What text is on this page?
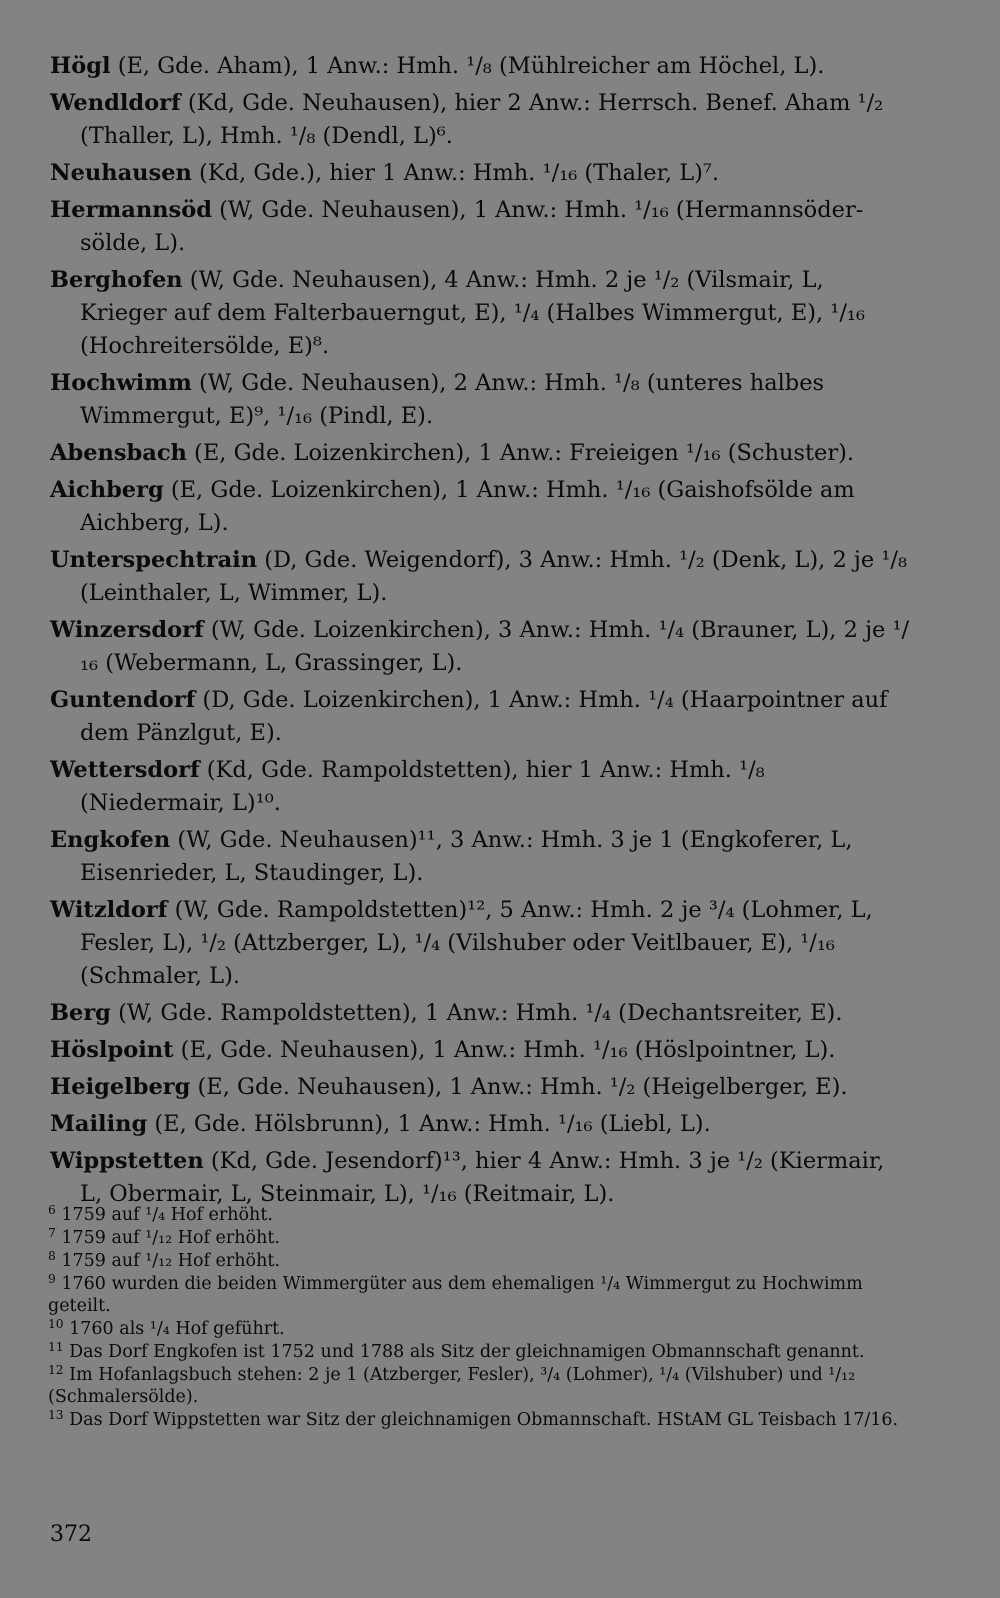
Högl (E, Gde. Aham), 1 Anw.: Hmh. ¹/₈ (Mühlreicher am Höchel, L).

Wendldorf (Kd, Gde. Neuhausen), hier 2 Anw.: Herrsch. Benef. Aham ¹/₂ (Thaller, L), Hmh. ¹/₈ (Dendl, L)⁶.

Neuhausen (Kd, Gde.), hier 1 Anw.: Hmh. ¹/₁₆ (Thaler, L)⁷.

Hermannsöd (W, Gde. Neuhausen), 1 Anw.: Hmh. ¹/₁₆ (Hermannsöder-sölde, L).

Berghofen (W, Gde. Neuhausen), 4 Anw.: Hmh. 2 je ¹/₂ (Vilsmair, L, Krieger auf dem Falterbauerngut, E), ¹/₄ (Halbes Wimmergut, E), ¹/₁₆ (Hochreitersölde, E)⁸.

Hochwimm (W, Gde. Neuhausen), 2 Anw.: Hmh. ¹/₈ (unteres halbes Wimmergut, E)⁹, ¹/₁₆ (Pindl, E).

Abensbach (E, Gde. Loizenkirchen), 1 Anw.: Freieigen ¹/₁₆ (Schuster).

Aichberg (E, Gde. Loizenkirchen), 1 Anw.: Hmh. ¹/₁₆ (Gaishofsölde am Aichberg, L).

Unterspechtrain (D, Gde. Weigendorf), 3 Anw.: Hmh. ¹/₂ (Denk, L), 2 je ¹/₈ (Leinthaler, L, Wimmer, L).

Winzersdorf (W, Gde. Loizenkirchen), 3 Anw.: Hmh. ¹/₄ (Brauner, L), 2 je ¹/₁₆ (Webermann, L, Grassinger, L).

Guntendorf (D, Gde. Loizenkirchen), 1 Anw.: Hmh. ¹/₄ (Haarpointner auf dem Pänzlgut, E).

Wettersdorf (Kd, Gde. Rampoldstetten), hier 1 Anw.: Hmh. ¹/₈ (Niedermair, L)¹⁰.

Engkofen (W, Gde. Neuhausen)¹¹, 3 Anw.: Hmh. 3 je 1 (Engkoferer, L, Eisenrieder, L, Staudinger, L).

Witzldorf (W, Gde. Rampoldstetten)¹², 5 Anw.: Hmh. 2 je ³/₄ (Lohmer, L, Fesler, L), ¹/₂ (Attzberger, L), ¹/₄ (Vilshuber oder Veitlbauer, E), ¹/₁₆ (Schmaler, L).

Berg (W, Gde. Rampoldstetten), 1 Anw.: Hmh. ¹/₄ (Dechantsreiter, E).

Höslpoint (E, Gde. Neuhausen), 1 Anw.: Hmh. ¹/₁₆ (Höslpointner, L).

Heigelberg (E, Gde. Neuhausen), 1 Anw.: Hmh. ¹/₂ (Heigelberger, E).

Mailing (E, Gde. Hölsbrunn), 1 Anw.: Hmh. ¹/₁₆ (Liebl, L).

Wippstetten (Kd, Gde. Jesendorf)¹³, hier 4 Anw.: Hmh. 3 je ¹/₂ (Kiermair, L, Obermair, L, Steinmair, L), ¹/₁₆ (Reitmair, L).

$^6$ 1759 auf ¹/₄ Hof erhöht.

$^7$ 1759 auf ¹/₁₂ Hof erhöht.

$^8$ 1759 auf ¹/₁₂ Hof erhöht.

$^9$ 1760 wurden die beiden Wimmergüter aus dem ehemaligen ¹/₄ Wimmergut zu Hochwimm geteilt.

$^{10}$ 1760 als ¹/₄ Hof geführt.

$^{11}$ Das Dorf Engkofen ist 1752 und 1788 als Sitz der gleichnamigen Obmannschaft genannt.

$^{12}$ Im Hofanlagsbuch stehen: 2 je 1 (Atzberger, Fesler), ³/₄ (Lohmer), ¹/₄ (Vilshuber) und ¹/₁₂ (Schmalersölde).

$^{13}$ Das Dorf Wippstetten war Sitz der gleichnamigen Obmannschaft. HStAM GL Teisbach 17/16.

372
